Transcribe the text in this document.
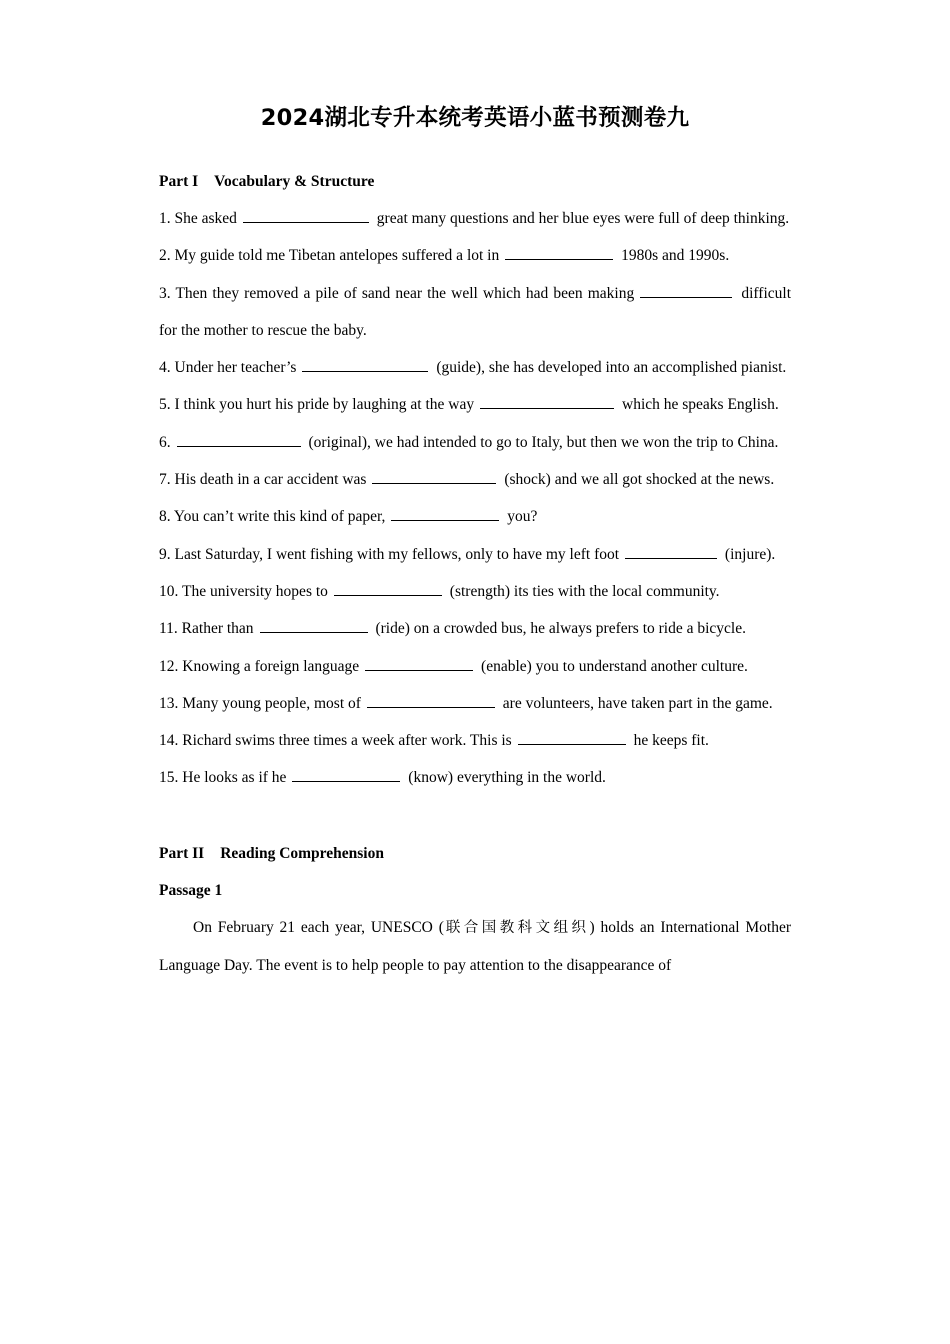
2024湖北专升本统考英语小蓝书预测卷九
Part I Vocabulary & Structure

1. She asked	great many questions and her blue eyes were full of deep thinking.

2. My guide told me Tibetan antelopes suffered a lot in	1980s and 1990s.

3. Then they removed a pile of sand near the well which had been making	difficult for the mother to rescue the baby.

4. Under her teacher’s	(guide), she has developed into an accomplished pianist.

5. I think you hurt his pride by laughing at the way	which he speaks English.

6.	(original), we had intended to go to Italy, but then we won the trip to China.

7. His death in a car accident was	(shock) and we all got shocked at the news.

8. You can’t write this kind of paper,	you?

9. Last Saturday, I went fishing with my fellows, only to have my left foot	(injure).

10. The university hopes to	(strength) its ties with the local community.

11. Rather than	(ride) on a crowded bus, he always prefers to ride a bicycle.

12. Knowing a foreign language	(enable) you to understand another culture.

13. Many young people, most of	are volunteers, have taken part in the game.

14. Richard swims three times a week after work. This is	he keeps fit.

15. He looks as if he	(know) everything in the world.

Part II Reading Comprehension
Passage 1

On February 21 each year, UNESCO (联合国教科文组织) holds an International Mother Language Day. The event is to help people to pay attention to the disappearance of
